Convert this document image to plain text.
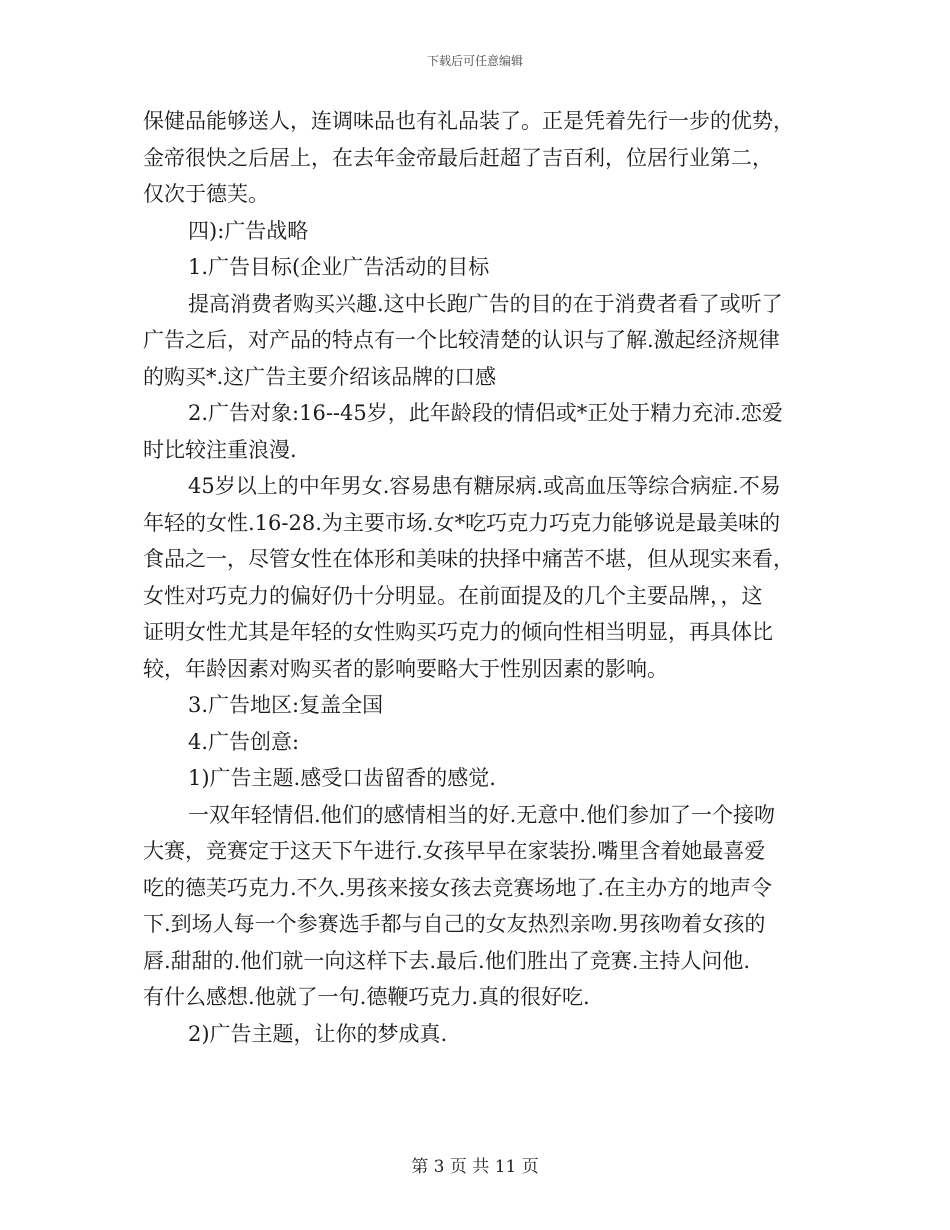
下载后可任意编辑
保健品能够送人，连调味品也有礼品装了。正是凭着先行一步的优势，
金帝很快之后居上，在去年金帝最后赶超了吉百利，位居行业第二，
仅次于德芙。
四):广告战略
1.广告目标(企业广告活动的目标
提高消费者购买兴趣.这中长跑广告的目的在于消费者看了或听了
广告之后，对产品的特点有一个比较清楚的认识与了解.激起经济规律
的购买*.这广告主要介绍该品牌的口感
2.广告对象:16--45岁，此年龄段的情侣或*正处于精力充沛.恋爱
时比较注重浪漫.
45岁以上的中年男女.容易患有糖尿病.或高血压等综合病症.不易
年轻的女性.16-28.为主要市场.女*吃巧克力巧克力能够说是最美味的
食品之一，尽管女性在体形和美味的抉择中痛苦不堪，但从现实来看，
女性对巧克力的偏好仍十分明显。在前面提及的几个主要品牌，，这
证明女性尤其是年轻的女性购买巧克力的倾向性相当明显，再具体比
较，年龄因素对购买者的影响要略大于性别因素的影响。
3.广告地区:复盖全国
4.广告创意:
1)广告主题.感受口齿留香的感觉.
一双年轻情侣.他们的感情相当的好.无意中.他们参加了一个接吻
大赛，竞赛定于这天下午进行.女孩早早在家装扮.嘴里含着她最喜爱
吃的德芙巧克力.不久.男孩来接女孩去竞赛场地了.在主办方的地声令
下.到场人每一个参赛选手都与自己的女友热烈亲吻.男孩吻着女孩的
唇.甜甜的.他们就一向这样下去.最后.他们胜出了竞赛.主持人问他.
有什么感想.他就了一句.德鞭巧克力.真的很好吃.
2)广告主题，让你的梦成真.
第 3 页 共 11 页
